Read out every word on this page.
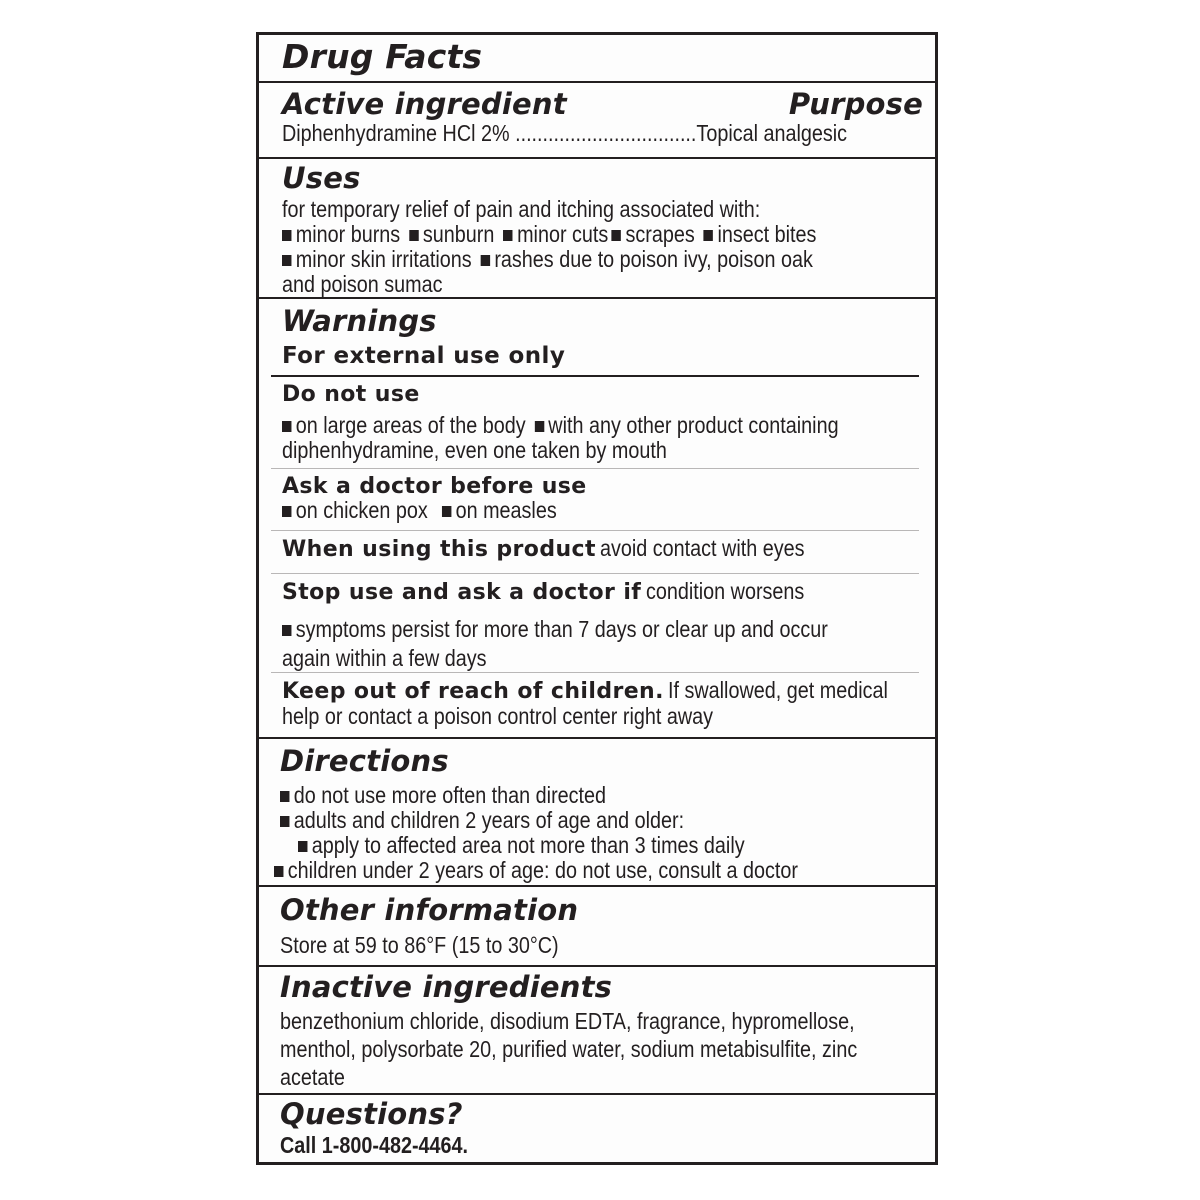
Drug Facts
Active ingredient	Purpose
Diphenhydramine HCl 2% .................................Topical analgesic
Uses
for temporary relief of pain and itching associated with:
minor burns sunburn minor cuts scrapes insect bites
minor skin irritations rashes due to poison ivy, poison oak
and poison sumac
Warnings
For external use only
Do not use
on large areas of the body with any other product containing
diphenhydramine, even one taken by mouth
Ask a doctor before use
on chicken pox on measles
When using this product avoid contact with eyes
Stop use and ask a doctor if condition worsens
symptoms persist for more than 7 days or clear up and occur
again within a few days
Keep out of reach of children. If swallowed, get medical
help or contact a poison control center right away
Directions
do not use more often than directed
adults and children 2 years of age and older:
apply to affected area not more than 3 times daily
children under 2 years of age: do not use, consult a doctor
Other information
Store at 59 to 86°F (15 to 30°C)
Inactive ingredients
benzethonium chloride, disodium EDTA, fragrance, hypromellose,
menthol, polysorbate 20, purified water, sodium metabisulfite, zinc
acetate
Questions?
Call 1-800-482-4464.
